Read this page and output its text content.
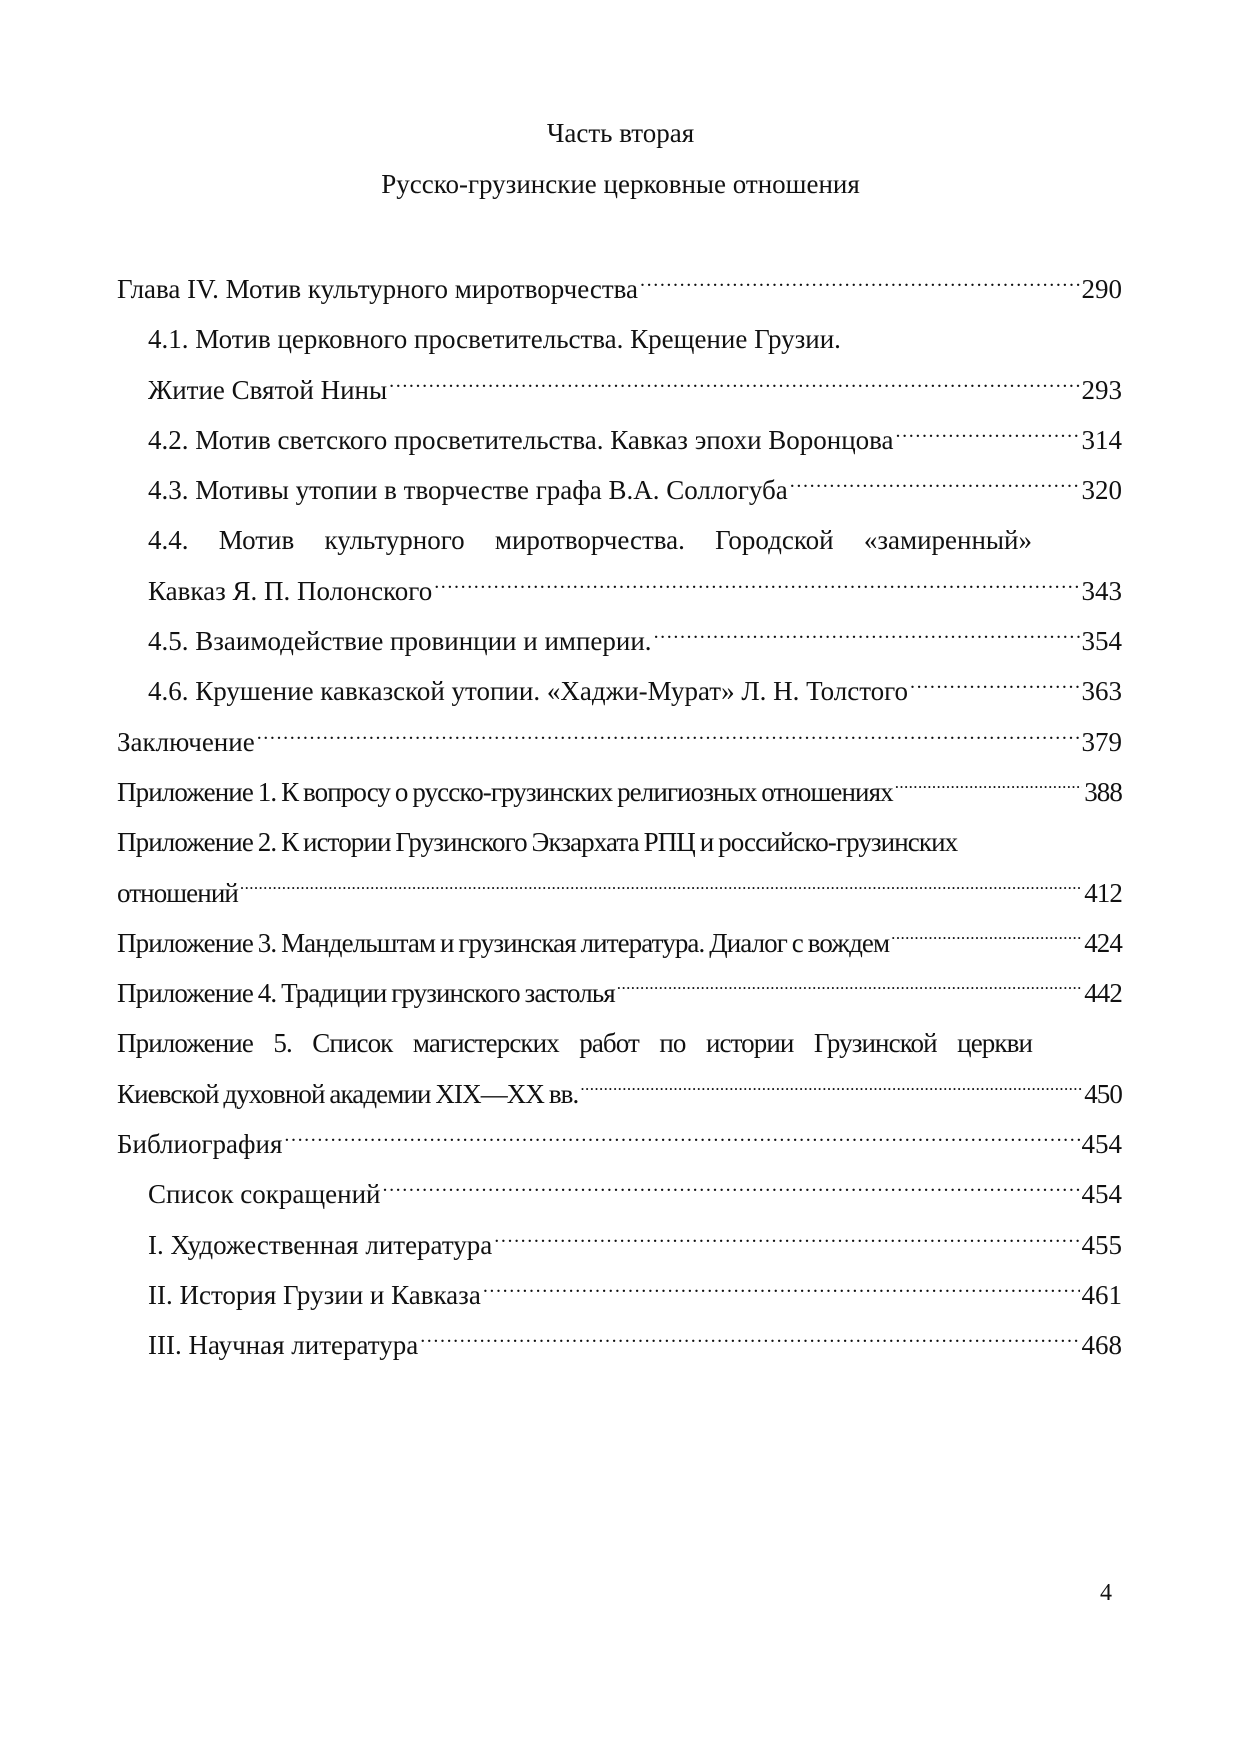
Часть вторая
Русско-грузинские церковные отношения
Глава IV. Мотив культурного миротворчества .....	290
4.1. Мотив церковного просветительства. Крещение Грузии.
Житие Святой Нины .....	293
4.2. Мотив светского просветительства. Кавказ эпохи Воронцова .....	314
4.3. Мотивы утопии в творчестве графа В.А. Соллогуба .....	320
4.4. Мотив культурного миротворчества. Городской «замиренный»
Кавказ Я. П. Полонского .....	343
4.5. Взаимодействие провинции и империи. .....	354
4.6. Крушение кавказской утопии. «Хаджи-Мурат» Л. Н. Толстого .....	363
Заключение .....	379
Приложение 1. К вопросу о русско-грузинских религиозных отношениях .....	388
Приложение 2. К истории Грузинского Экзархата РПЦ и российско-грузинских
отношений .....	412
Приложение 3. Мандельштам и грузинская литература. Диалог с вождем .....	424
Приложение 4. Традиции грузинского застолья .....	442
Приложение 5. Список магистерских работ по истории Грузинской церкви
Киевской духовной академии XIX—XX вв. .....	450
Библиография .....	454
Список сокращений .....	454
I. Художественная литература .....	455
II. История Грузии и Кавказа .....	461
III. Научная литература .....	468

4
